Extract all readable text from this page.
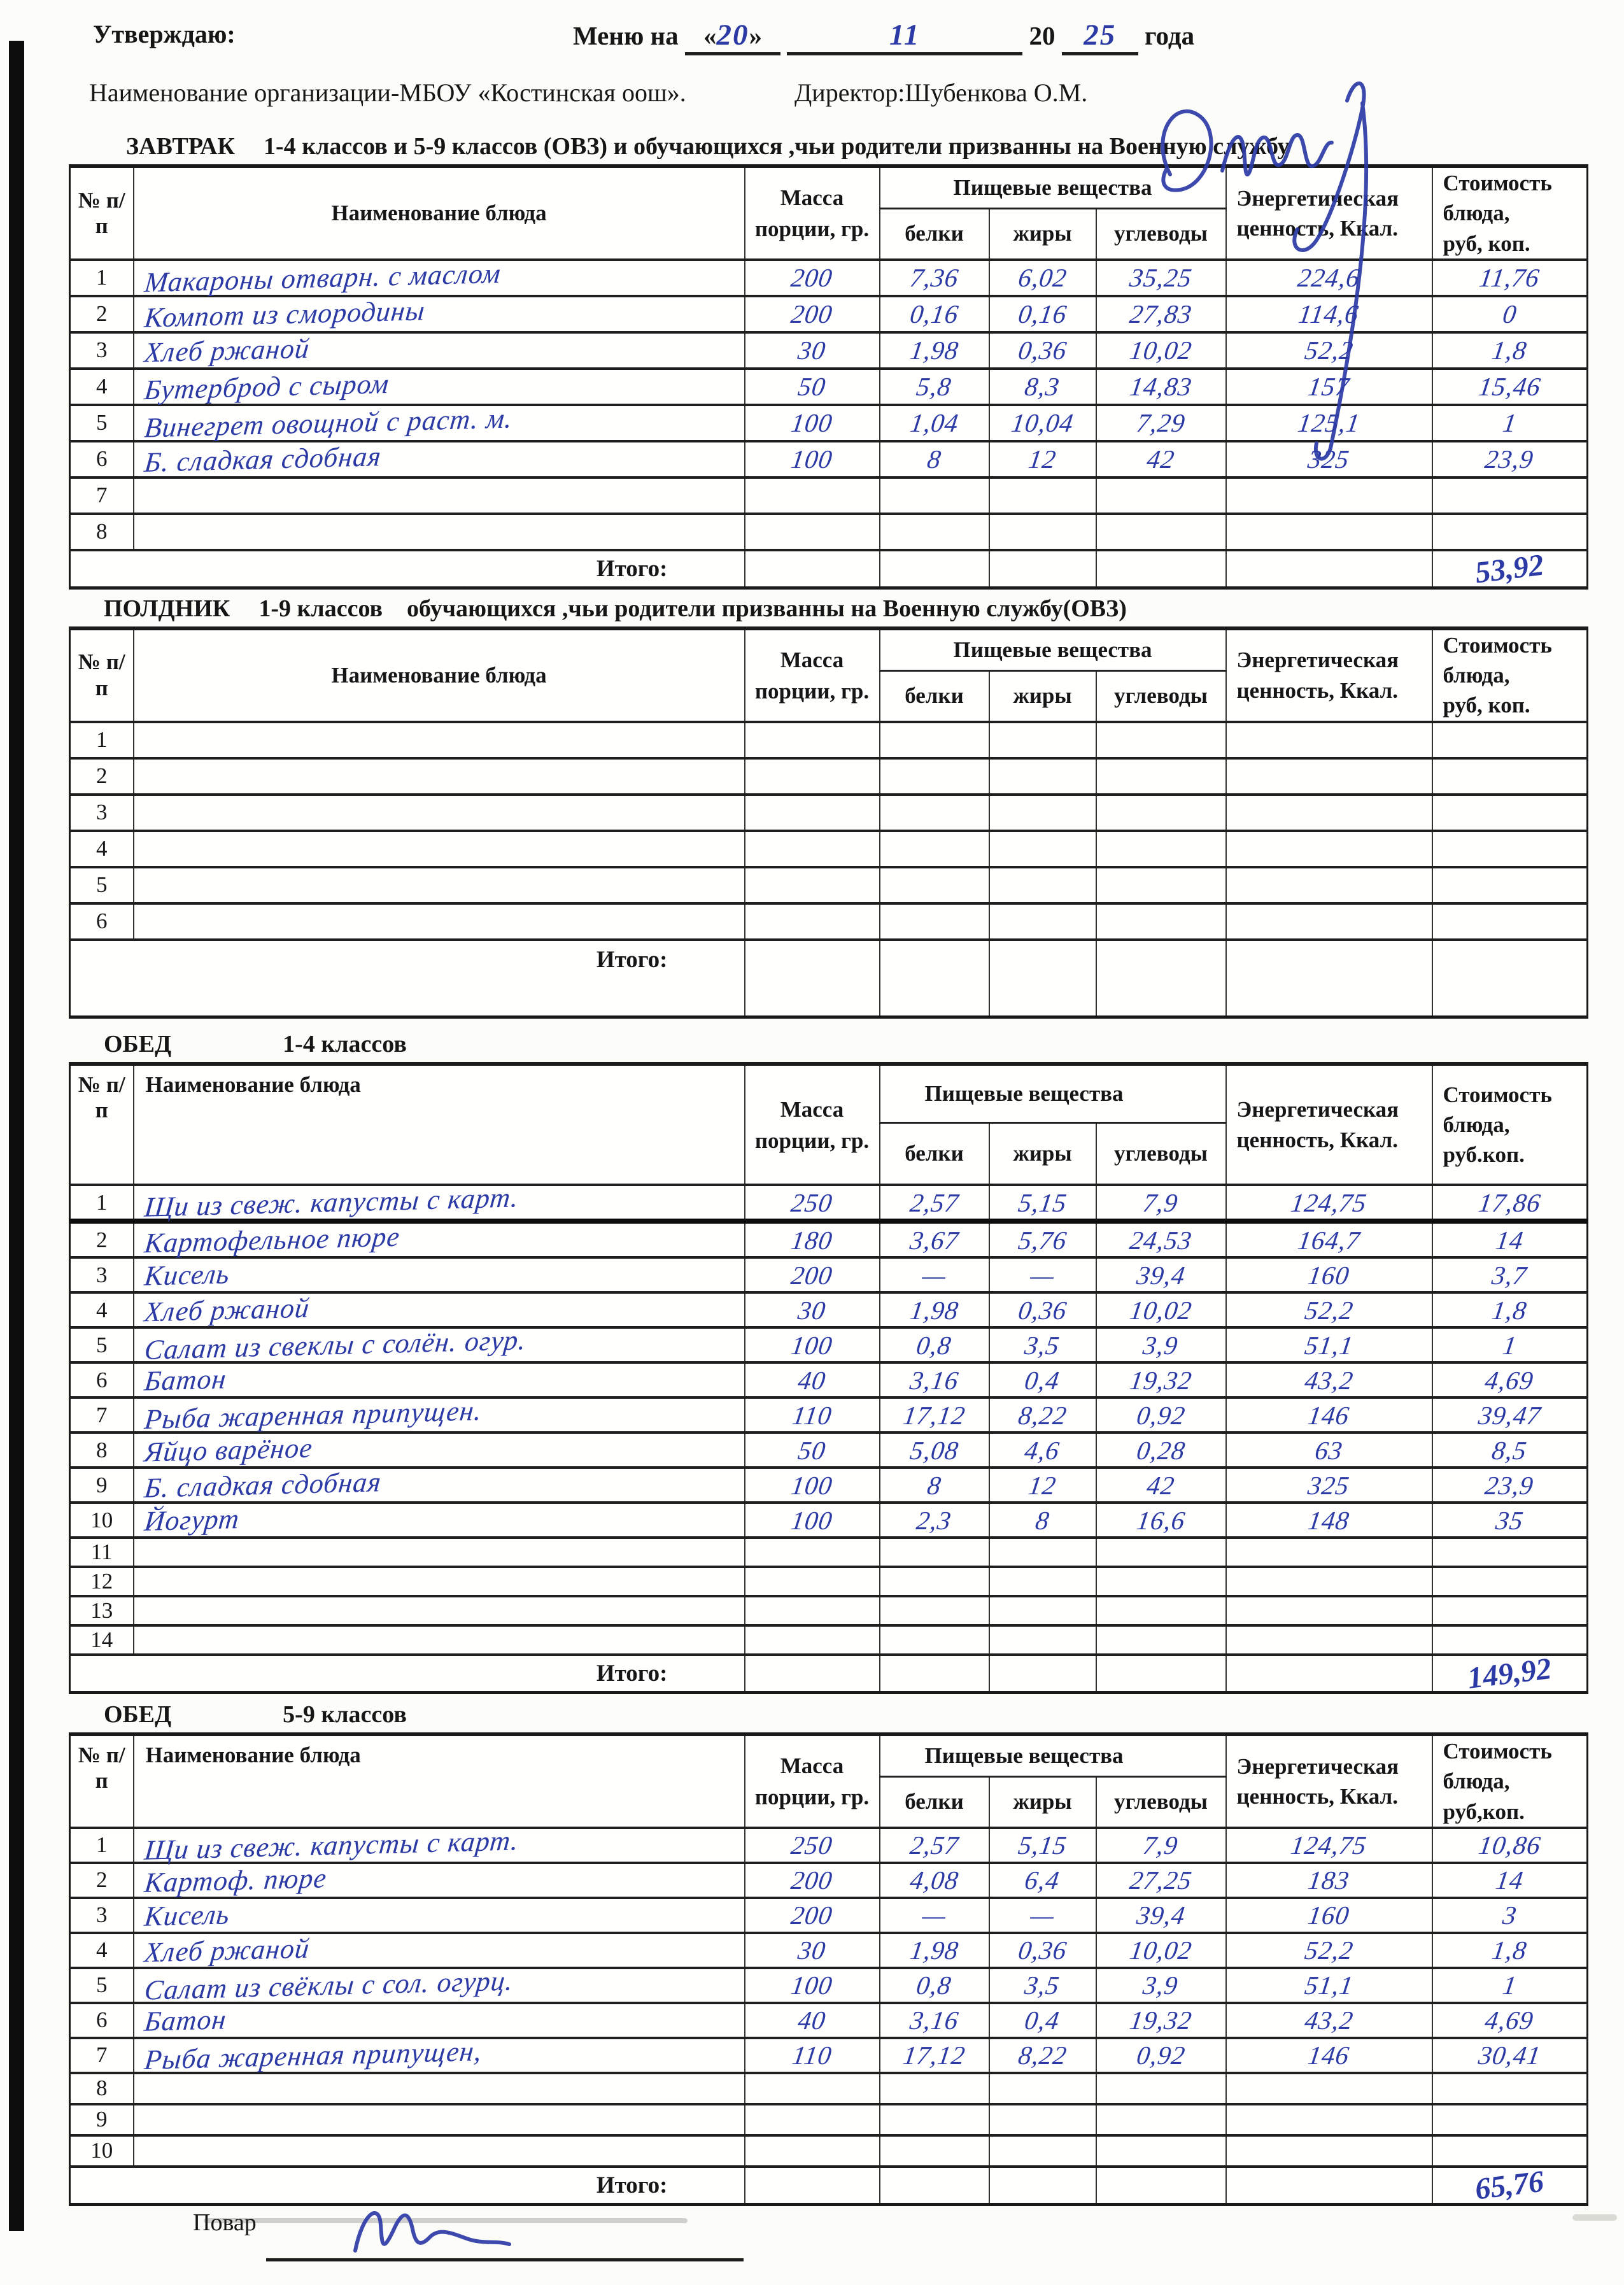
Утверждаю:	Меню на «20»	11	20 25 года
Наименование организации-МБОУ «Костинская оош».	Директор:Шубенкова О.М.
ЗАВТРАК 1-4 классов и 5-9 классов (ОВЗ) и обучающихся ,чьи родители призванны на Военную службу
№ п/п	Наименование блюда	Масса порции, гр.	Пищевые вещества			Энергетическая ценность, Ккал.	Стоимость блюда,
руб, коп.
			белки	жиры	углеводы		
1	Макароны отварн. с маслом	200	7,36	6,02	35,25	224,6	11,76
2	Компот из смородины	200	0,16	0,16	27,83	114,6	0
3	Хлеб ржаной	30	1,98	0,36	10,02	52,2	1,8
4	Бутерброд с сыром	50	5,8	8,3	14,83	157	15,46
5	Винегрет овощной с раст. м.	100	1,04	10,04	7,29	125,1	1
6	Б. сладкая сдобная	100	8	12	42	325	23,9
7							
8							
Итого:							53,92
ПОЛДНИК 1-9 классов    обучающихся ,чьи родители призванны на Военную службу(ОВЗ)
№ п/п	Наименование блюда	Масса порции, гр.	Пищевые вещества			Энергетическая ценность, Ккал.	Стоимость блюда,
руб, коп.
			белки	жиры	углеводы		
1							
2							
3							
4							
5							
6							
Итого:							
ОБЕД	1-4 классов
№ п/п	Наименование блюда	Масса порции, гр.	Пищевые вещества			Энергетическая ценность, Ккал.	Стоимость блюда,
руб.коп.
			белки	жиры	углеводы		
1	Щи из свеж. капусты с карт.	250	2,57	5,15	7,9	124,75	17,86
2	Картофельное пюре	180	3,67	5,76	24,53	164,7	14
3	Кисель	200	—	—	39,4	160	3,7
4	Хлеб ржаной	30	1,98	0,36	10,02	52,2	1,8
5	Салат из свеклы с солён. огур.	100	0,8	3,5	3,9	51,1	1
6	Батон	40	3,16	0,4	19,32	43,2	4,69
7	Рыба жаренная припущен.	110	17,12	8,22	0,92	146	39,47
8	Яйцо варёное	50	5,08	4,6	0,28	63	8,5
9	Б. сладкая сдобная	100	8	12	42	325	23,9
10	Йогурт	100	2,3	8	16,6	148	35
11							
12							
13							
14							
Итого:							149,92
ОБЕД	5-9 классов
№ п/п	Наименование блюда	Масса порции, гр.	Пищевые вещества			Энергетическая ценность, Ккал.	Стоимость блюда,
руб,коп.
			белки	жиры	углеводы		
1	Щи из свеж. капусты с карт.	250	2,57	5,15	7,9	124,75	10,86
2	Картоф. пюре	200	4,08	6,4	27,25	183	14
3	Кисель	200	—	—	39,4	160	3
4	Хлеб ржаной	30	1,98	0,36	10,02	52,2	1,8
5	Салат из свёклы с сол. огурц.	100	0,8	3,5	3,9	51,1	1
6	Батон	40	3,16	0,4	19,32	43,2	4,69
7	Рыба жаренная припущен,	110	17,12	8,22	0,92	146	30,41
8							
9							
10							
Итого:							65,76
Повар
